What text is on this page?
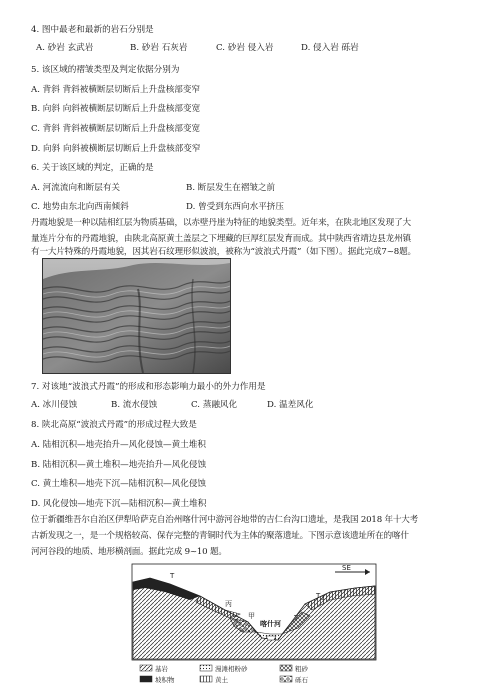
4. 图中最老和最新的岩石分别是
A. 砂岩 玄武岩	B. 砂岩 石灰岩	C. 砂岩 侵入岩	D. 侵入岩 砾岩
5. 该区域的褶皱类型及判定依据分别为
A. 背斜 背斜被横断层切断后上升盘核部变窄
B. 向斜 向斜被横断层切断后上升盘核部变宽
C. 背斜 背斜被横断层切断后上升盘核部变宽
D. 向斜 向斜被横断层切断后上升盘核部变窄
6. 关于该区域的判定，正确的是
A. 河流流向和断层有关	B. 断层发生在褶皱之前
C. 地势由东北向西南倾斜	D. 曾受到东西向水平挤压
丹霞地貌是一种以陆相红层为物质基础，以赤壁丹崖为特征的地貌类型。近年来，在陕北地区发现了大
量连片分布的丹霞地貌，由陕北高原黄土盖层之下埋藏的巨厚红层发育而成。其中陕西省靖边县龙州镇
有一大片特殊的丹霞地貌，因其岩石纹理形似波浪，被称为“波浪式丹霞”（如下图）。据此完成7~8题。
7. 对该地“波浪式丹霞”的形成和形态影响力最小的外力作用是
A. 冰川侵蚀	B. 流水侵蚀	C. 蒸融风化	D. 温差风化
8. 陕北高原“波浪式丹霞”的形成过程大致是
A. 陆相沉积—地壳抬升—风化侵蚀—黄土堆积
B. 陆相沉积—黄土堆积—地壳抬升—风化侵蚀
C. 黄土堆积—地壳下沉—陆相沉积—风化侵蚀
D. 风化侵蚀—地壳下沉—陆相沉积—黄土堆积
位于新疆维吾尔自治区伊犁哈萨克自治州喀什河中游河谷地带的吉仁台沟口遗址，是我国 2018 年十大考
古新发现之一，是一个规格较高、保存完整的青铜时代为主体的聚落遗址。下图示意该遗址所在的喀什
河河谷段的地质、地形横剖面。据此完成 9~10 题。
SE
T
丙
乙 甲
喀什河
T
T 2
基岩	漫滩相粉砂	粗砂
坡积物	黄土	砾石
